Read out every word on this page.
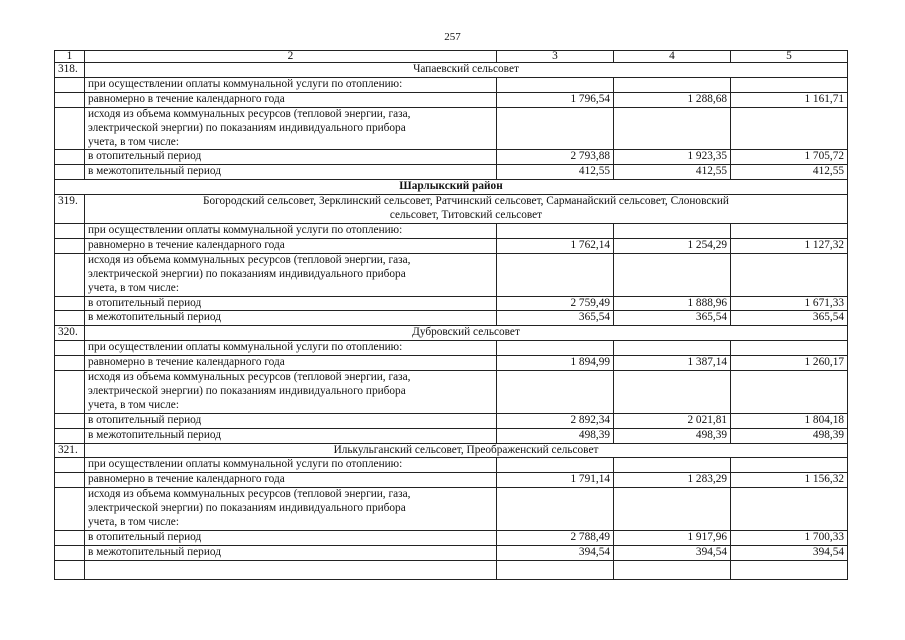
257
1	2	3	4	5
318.	Чапаевский сельсовет			
	при осуществлении оплаты коммунальной услуги по отоплению:			
	равномерно в течение календарного года	1 796,54	1 288,68	1 161,71
	исходя из объема коммунальных ресурсов (тепловой энергии, газа, электрической энергии) по показаниям индивидуального прибора учета, в том числе:			
	в отопительный период	2 793,88	1 923,35	1 705,72
	в межотопительный период	412,55	412,55	412,55
Шарлыкский район				
319.	Богородский сельсовет, Зерклинский сельсовет, Ратчинский сельсовет, Сарманайский сельсовет, Слоновский сельсовет, Титовский сельсовет			
	при осуществлении оплаты коммунальной услуги по отоплению:			
	равномерно в течение календарного года	1 762,14	1 254,29	1 127,32
	исходя из объема коммунальных ресурсов (тепловой энергии, газа, электрической энергии) по показаниям индивидуального прибора учета, в том числе:			
	в отопительный период	2 759,49	1 888,96	1 671,33
	в межотопительный период	365,54	365,54	365,54
320.	Дубровский сельсовет			
	при осуществлении оплаты коммунальной услуги по отоплению:			
	равномерно в течение календарного года	1 894,99	1 387,14	1 260,17
	исходя из объема коммунальных ресурсов (тепловой энергии, газа, электрической энергии) по показаниям индивидуального прибора учета, в том числе:			
	в отопительный период	2 892,34	2 021,81	1 804,18
	в межотопительный период	498,39	498,39	498,39
321.	Илькульганский сельсовет, Преображенский сельсовет			
	при осуществлении оплаты коммунальной услуги по отоплению:			
	равномерно в течение календарного года	1 791,14	1 283,29	1 156,32
	исходя из объема коммунальных ресурсов (тепловой энергии, газа, электрической энергии) по показаниям индивидуального прибора учета, в том числе:			
	в отопительный период	2 788,49	1 917,96	1 700,33
	в межотопительный период	394,54	394,54	394,54
